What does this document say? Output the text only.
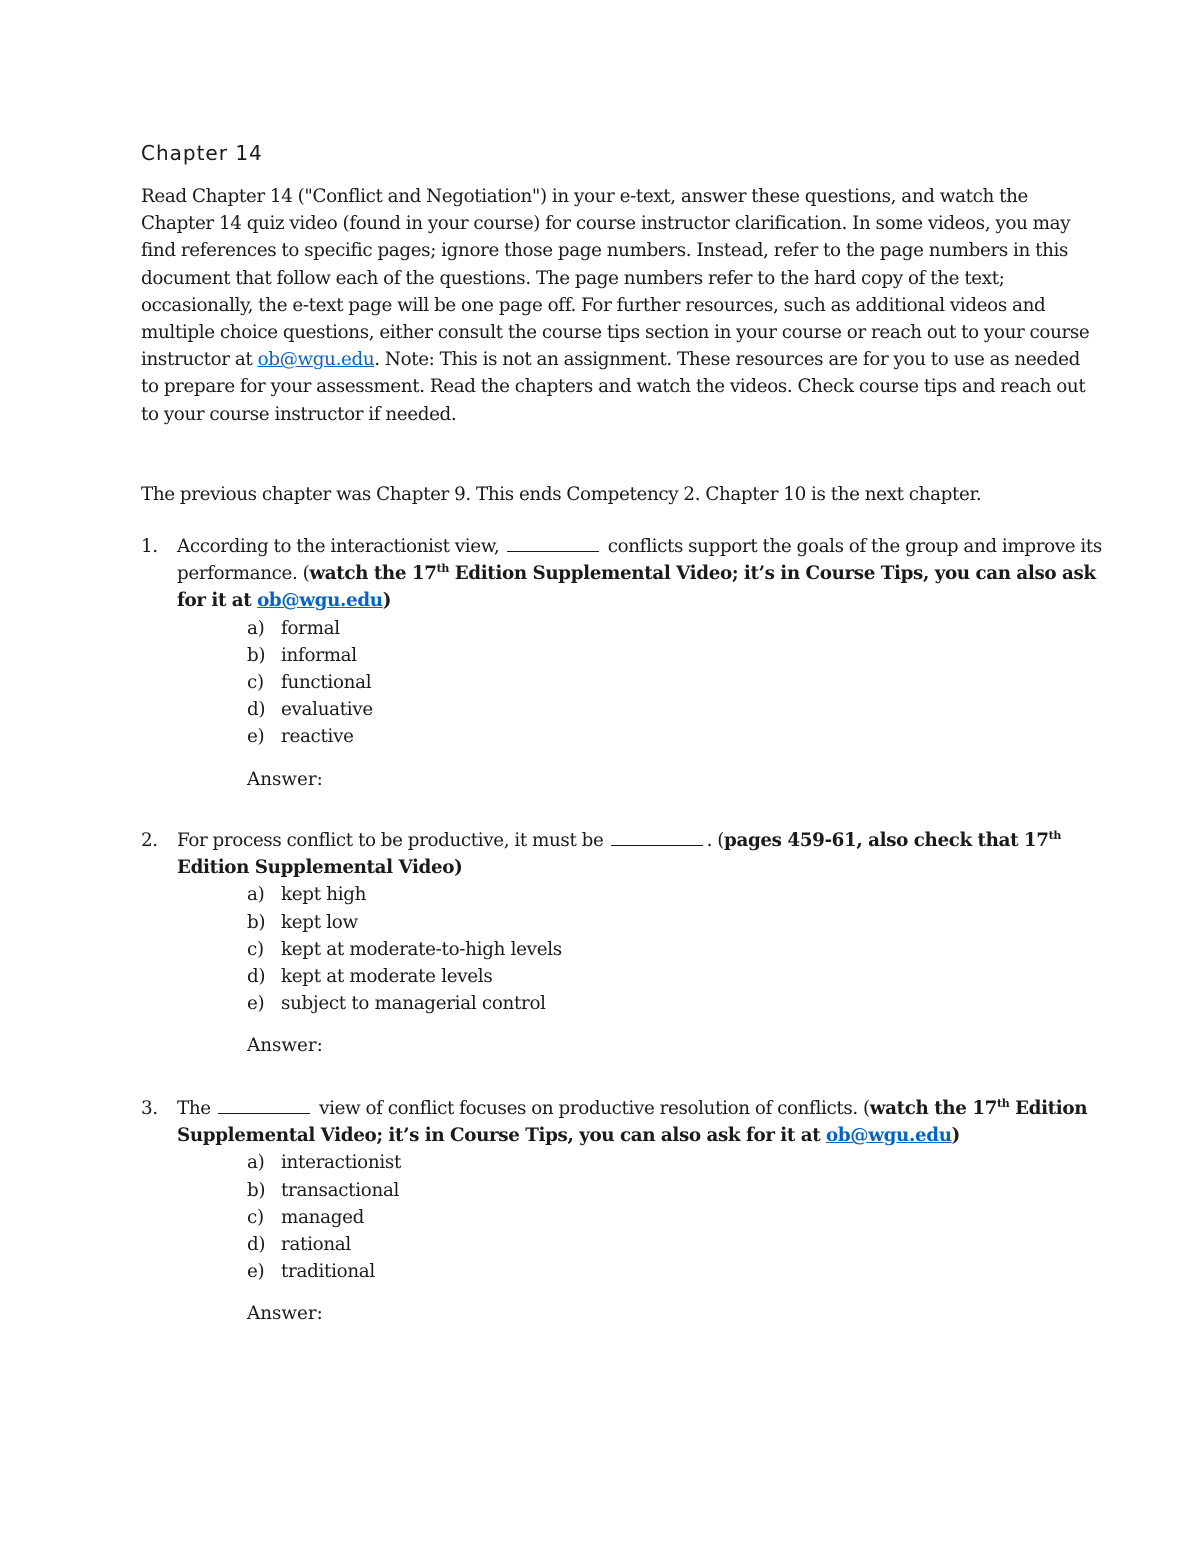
Chapter 14

Read Chapter 14 ("Conflict and Negotiation") in your e-text, answer these questions, and watch the Chapter 14 quiz video (found in your course) for course instructor clarification. In some videos, you may find references to specific pages; ignore those page numbers. Instead, refer to the page numbers in this document that follow each of the questions. The page numbers refer to the hard copy of the text; occasionally, the e-text page will be one page off. For further resources, such as additional videos and multiple choice questions, either consult the course tips section in your course or reach out to your course instructor at ob@wgu.edu. Note: This is not an assignment. These resources are for you to use as needed to prepare for your assessment. Read the chapters and watch the videos. Check course tips and reach out to your course instructor if needed.

The previous chapter was Chapter 9. This ends Competency 2. Chapter 10 is the next chapter.

1.	According to the interactionist view,	conflicts support the goals of the group and improve its performance. (watch the 17th Edition Supplemental Video; it’s in Course Tips, you can also ask for it at ob@wgu.edu)
a) formal
b) informal
c) functional
d) evaluative
e) reactive
Answer:
2.	For process conflict to be productive, it must be	. (pages 459-61, also check that 17th Edition Supplemental Video)
a) kept high
b) kept low
c) kept at moderate-to-high levels
d) kept at moderate levels
e) subject to managerial control
Answer:
3.	The	view of conflict focuses on productive resolution of conflicts. (watch the 17th Edition Supplemental Video; it’s in Course Tips, you can also ask for it at ob@wgu.edu)
a) interactionist
b) transactional
c) managed
d) rational
e) traditional
Answer:
